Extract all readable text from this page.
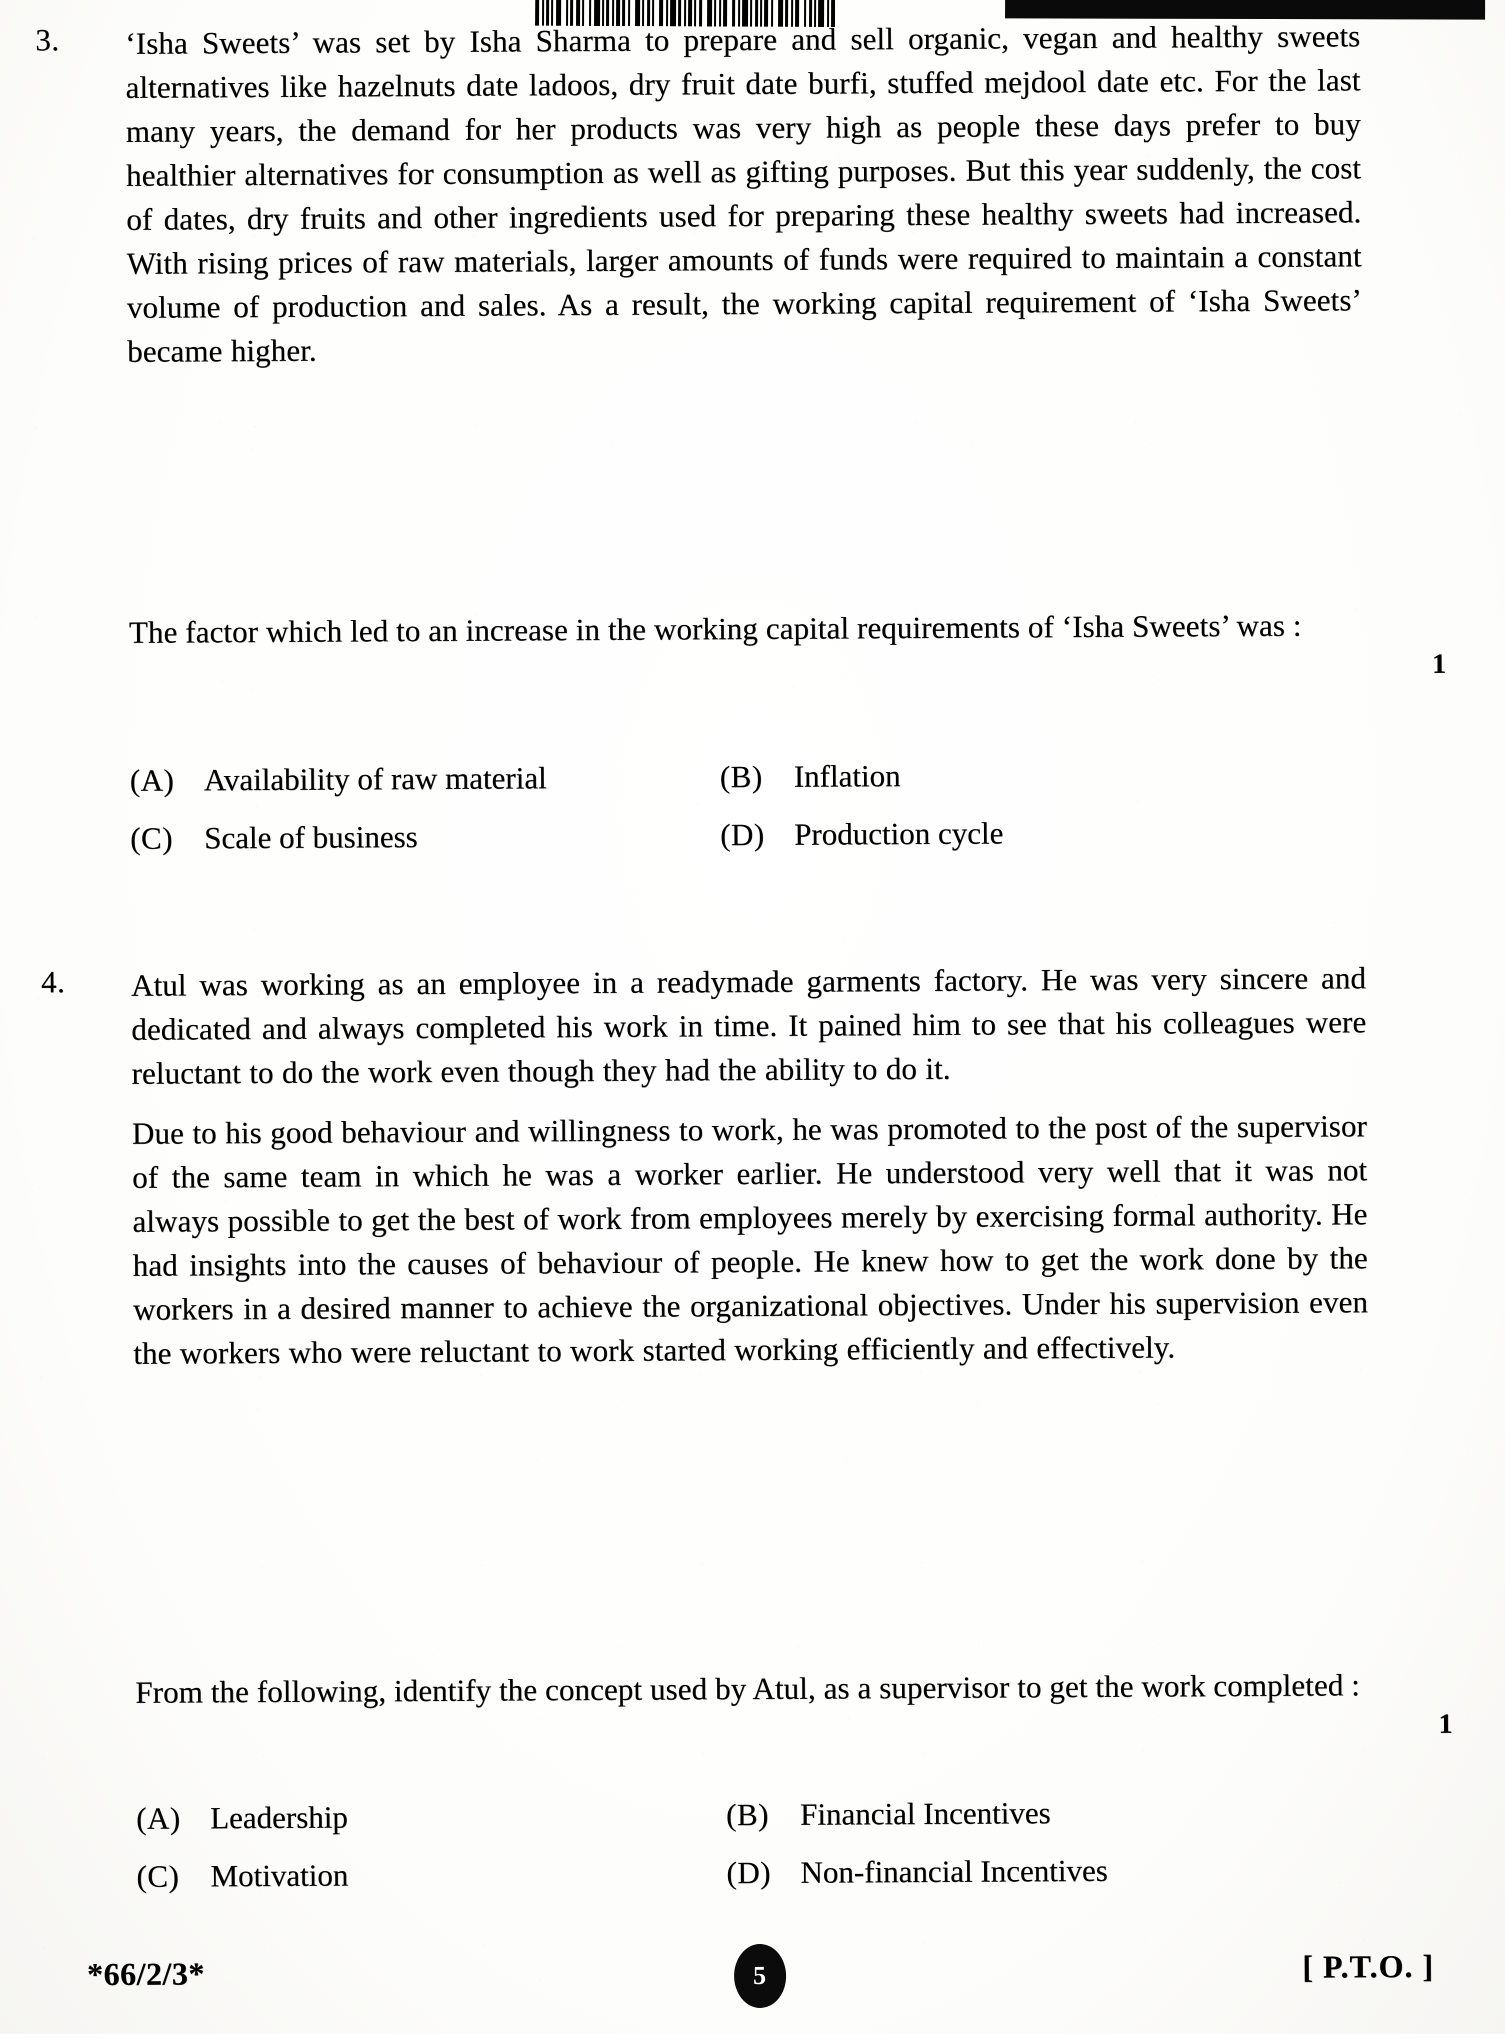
3.	‘Isha Sweets’ was set by Isha Sharma to prepare and sell organic, vegan and healthy sweets alternatives like hazelnuts date ladoos, dry fruit date burfi, stuffed mejdool date etc. For the last many years, the demand for her products was very high as people these days prefer to buy healthier alternatives for consumption as well as gifting purposes. But this year suddenly, the cost of dates, dry fruits and other ingredients used for preparing these healthy sweets had increased. With rising prices of raw materials, larger amounts of funds were required to maintain a constant volume of production and sales. As a result, the working capital requirement of ‘Isha Sweets’ became higher.

The factor which led to an increase in the working capital requirements of ‘Isha Sweets’ was :

1
(A) Availability of raw material	(B) Inflation
(C) Scale of business	(D) Production cycle
4.	Atul was working as an employee in a readymade garments factory. He was very sincere and dedicated and always completed his work in time. It pained him to see that his colleagues were reluctant to do the work even though they had the ability to do it.

Due to his good behaviour and willingness to work, he was promoted to the post of the supervisor of the same team in which he was a worker earlier. He understood very well that it was not always possible to get the best of work from employees merely by exercising formal authority. He had insights into the causes of behaviour of people. He knew how to get the work done by the workers in a desired manner to achieve the organizational objectives. Under his supervision even the workers who were reluctant to work started working efficiently and effectively.

From the following, identify the concept used by Atul, as a supervisor to get the work completed :

1
(A) Leadership	(B) Financial Incentives
(C) Motivation	(D) Non-financial Incentives
*66/2/3*	5	[ P.T.O. ]
